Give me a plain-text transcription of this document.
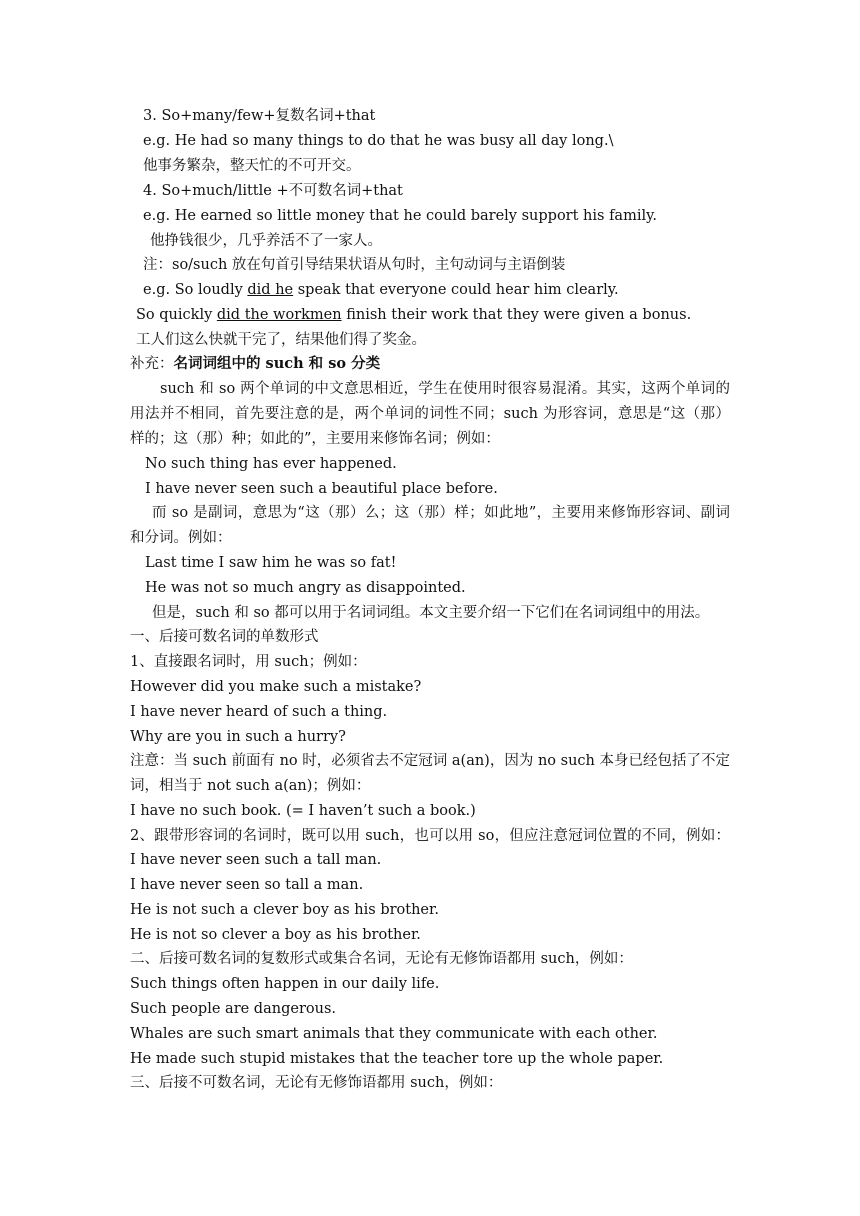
3. So+many/few+复数名词+that
e.g. He had so many things to do that he was busy all day long.\
他事务繁杂，整天忙的不可开交。
4. So+much/little +不可数名词+that
e.g. He earned so little money that he could barely support his family.
他挣钱很少，几乎养活不了一家人。
注：so/such 放在句首引导结果状语从句时，主句动词与主语倒装
e.g. So loudly did he speak that everyone could hear him clearly.
So quickly did the workmen finish their work that they were given a bonus.
工人们这么快就干完了，结果他们得了奖金。
补充：名词词组中的 such 和 so 分类
such 和 so 两个单词的中文意思相近，学生在使用时很容易混淆。其实，这两个单词的
用法并不相同，首先要注意的是，两个单词的词性不同；such 为形容词，意思是“这（那）
样的；这（那）种；如此的”，主要用来修饰名词；例如：
No such thing has ever happened.
I have never seen such a beautiful place before.
而 so 是副词，意思为“这（那）么；这（那）样；如此地”，主要用来修饰形容词、副词
和分词。例如：
Last time I saw him he was so fat!
He was not so much angry as disappointed.
但是，such 和 so 都可以用于名词词组。本文主要介绍一下它们在名词词组中的用法。
一、后接可数名词的单数形式
1、直接跟名词时，用 such；例如：
However did you make such a mistake?
I have never heard of such a thing.
Why are you in such a hurry?
注意：当 such 前面有 no 时，必须省去不定冠词 a(an)，因为 no such 本身已经包括了不定
词，相当于 not such a(an)；例如：
I have no such book. (= I haven’t such a book.)
2、跟带形容词的名词时，既可以用 such，也可以用 so，但应注意冠词位置的不同，例如：
I have never seen such a tall man.
I have never seen so tall a man.
He is not such a clever boy as his brother.
He is not so clever a boy as his brother.
二、后接可数名词的复数形式或集合名词，无论有无修饰语都用 such，例如：
Such things often happen in our daily life.
Such people are dangerous.
Whales are such smart animals that they communicate with each other.
He made such stupid mistakes that the teacher tore up the whole paper.
三、后接不可数名词，无论有无修饰语都用 such，例如：
